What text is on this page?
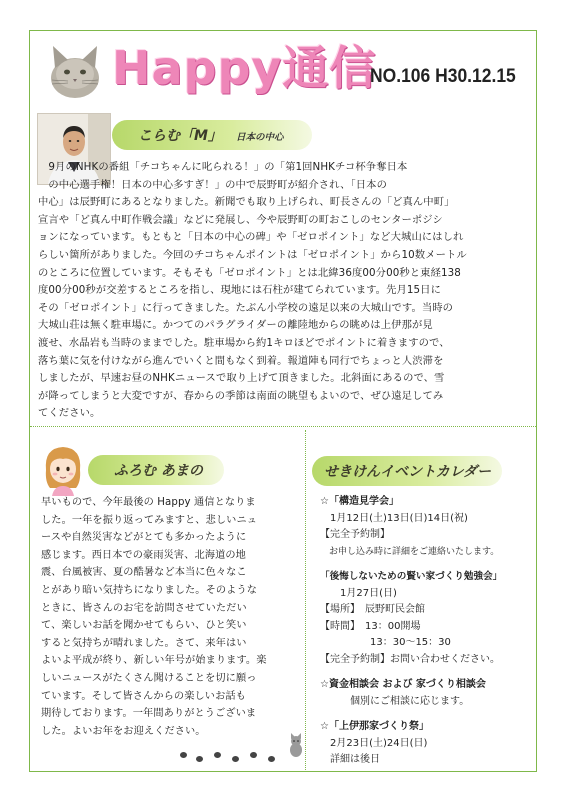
Happy通信
NO.106 H30.12.15
こらむ「M」 日本の中心
　9月のNHKの番組「チコちゃんに叱られる！」の「第1回NHKチコ杯争奪日本
　の中心選手権！日本の中心多すぎ！」の中で辰野町が紹介され、「日本の
中心」は辰野町にあるとなりました。新聞でも取り上げられ、町長さんの「ど真ん中町」
宣言や「ど真ん中町作戦会議」などに発展し、今や辰野町の町おこしのセンターポジシ
ョンになっています。もともと「日本の中心の碑」や「ゼロポイント」など大城山にはしれ
らしい箇所がありました。今回のチコちゃんポイントは「ゼロポイント」から10数メートル
のところに位置しています。そもそも「ゼロポイント」とは北緯36度00分00秒と東経138
度00分00秒が交差するところを指し、現地には石柱が建てられています。先月15日に
その「ゼロポイント」に行ってきました。たぶん小学校の遠足以来の大城山です。当時の
大城山荘は無く駐車場に。かつてのパラグライダーの離陸地からの眺めは上伊那が見
渡せ、水晶岩も当時のままでした。駐車場から約1キロほどでポイントに着きますので、
落ち葉に気を付けながら進んでいくと間もなく到着。報道陣も同行でちょっと人渋滞を
しましたが、早速お昼のNHKニュースで取り上げて頂きました。北斜面にあるので、雪
が降ってしまうと大変ですが、春からの季節は南面の眺望もよいので、ぜひ遠足してみ
てください。
ふろむ あまの
早いもので、今年最後の Happy 通信となりま
した。一年を振り返ってみますと、悲しいニュ
ースや自然災害などがとても多かったように
感じます。西日本での豪雨災害、北海道の地
震、台風被害、夏の酷暑など本当に色々なこ
とがあり暗い気持ちになりました。そのような
ときに、皆さんのお宅を訪問させていただい
て、楽しいお話を聞かせてもらい、ひと笑い
すると気持ちが晴れました。さて、来年はい
よいよ平成が終り、新しい年号が始まります。楽
しいニュースがたくさん聞けることを切に願っ
ています。そして皆さんからの楽しいお話も
期待しております。一年間ありがとうございま
した。よいお年をお迎えください。
せきけんイベントカレダー
☆「構造見学会」
　1月12日(土)13日(日)14日(祝)
【完全予約制】
　お申し込み時に詳細をご連絡いたします。
「後悔しないための賢い家づくり勉強会」
　　1月27日(日)
【場所】　辰野町民会館
【時間】　13：00開場
　　　　　13：30～15：30
【完全予約制】お問い合わせください。
☆資金相談会 および 家づくり相談会
　　　個別にご相談に応じます。
☆「上伊那家づくり祭」
　2月23日(土)24日(日)
　詳細は後日
